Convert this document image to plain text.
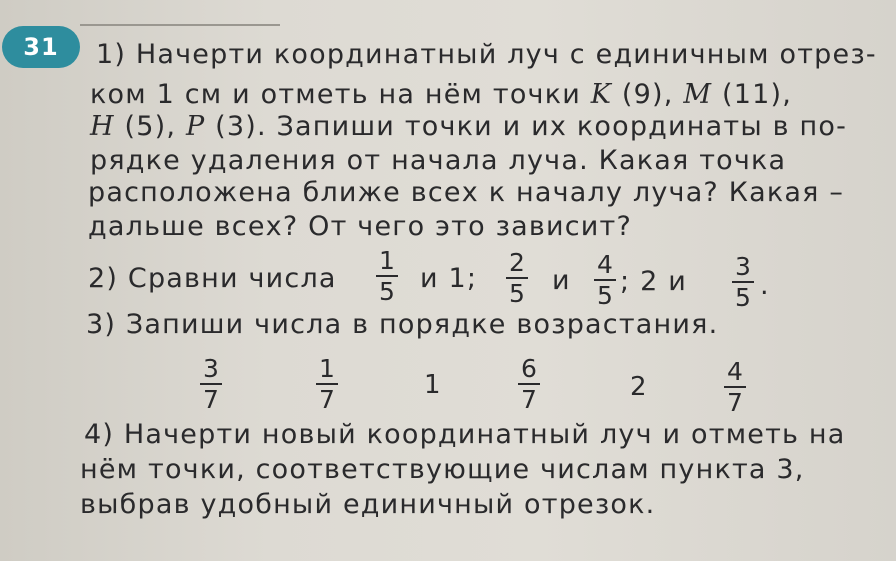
31 1) Начерти координатный луч с единичным отрез-
ком 1 см и отметь на нём точки K (9), M (11),
H (5), P (3). Запиши точки и их координаты в по-
рядке удаления от начала луча. Какая точка
расположена ближе всех к началу луча? Какая –
дальше всех? От чего это зависит?
2) Сравни числа
1
5 и 1;
2
5 и
4
5 ; 2 и 3
5 .
3) Запиши числа в порядке возрастания.
3
7
1
7	1
6
7	2
4
7
4) Начерти новый координатный луч и отметь на
нём точки, соответствующие числам пункта 3,
выбрав удобный единичный отрезок.
